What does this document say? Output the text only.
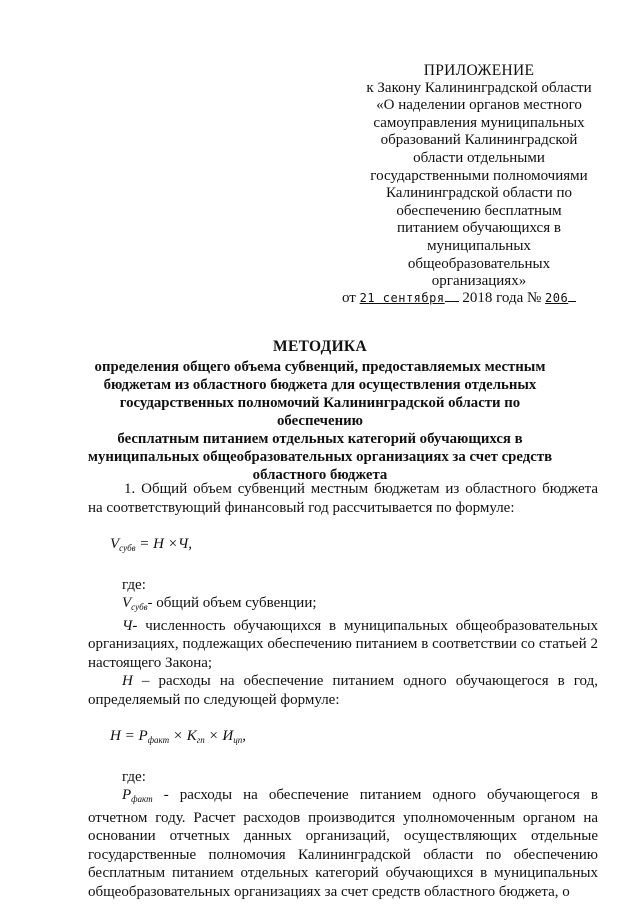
ПРИЛОЖЕНИЕ
к Закону Калининградской области
«О наделении органов местного
самоуправления муниципальных
образований Калининградской
области отдельными
государственными полномочиями
Калининградской области по
обеспечению бесплатным
питанием обучающихся в
муниципальных
общеобразовательных
организациях»
от 21 сентября 2018 года № 206
МЕТОДИКА
определения общего объема субвенций, предоставляемых местным
бюджетам из областного бюджета для осуществления отдельных
государственных полномочий Калининградской области по обеспечению
бесплатным питанием отдельных категорий обучающихся в
муниципальных общеобразовательных организациях за счет средств
областного бюджета

1. Общий объем субвенций местным бюджетам из областного бюджета на соответствующий финансовый год рассчитывается по формуле:

$V_{субв} = Н \times Ч$,

где:

$V_{субв}-$ общий объем субвенции;

Ч- численность обучающихся в муниципальных общеобразовательных организациях, подлежащих обеспечению питанием в соответствии со статьей 2 настоящего Закона;

Н – расходы на обеспечение питанием одного обучающегося в год, определяемый по следующей формуле:

$Н = Р_{факт} \times К_{гп} \times И_{цп}$,

где:

$Р_{факт}$ - расходы на обеспечение питанием одного обучающегося в отчетном году. Расчет расходов производится уполномоченным органом на основании отчетных данных организаций, осуществляющих отдельные государственные полномочия Калининградской области по обеспечению бесплатным питанием отдельных категорий обучающихся в муниципальных общеобразовательных организациях за счет средств областного бюджета, о
